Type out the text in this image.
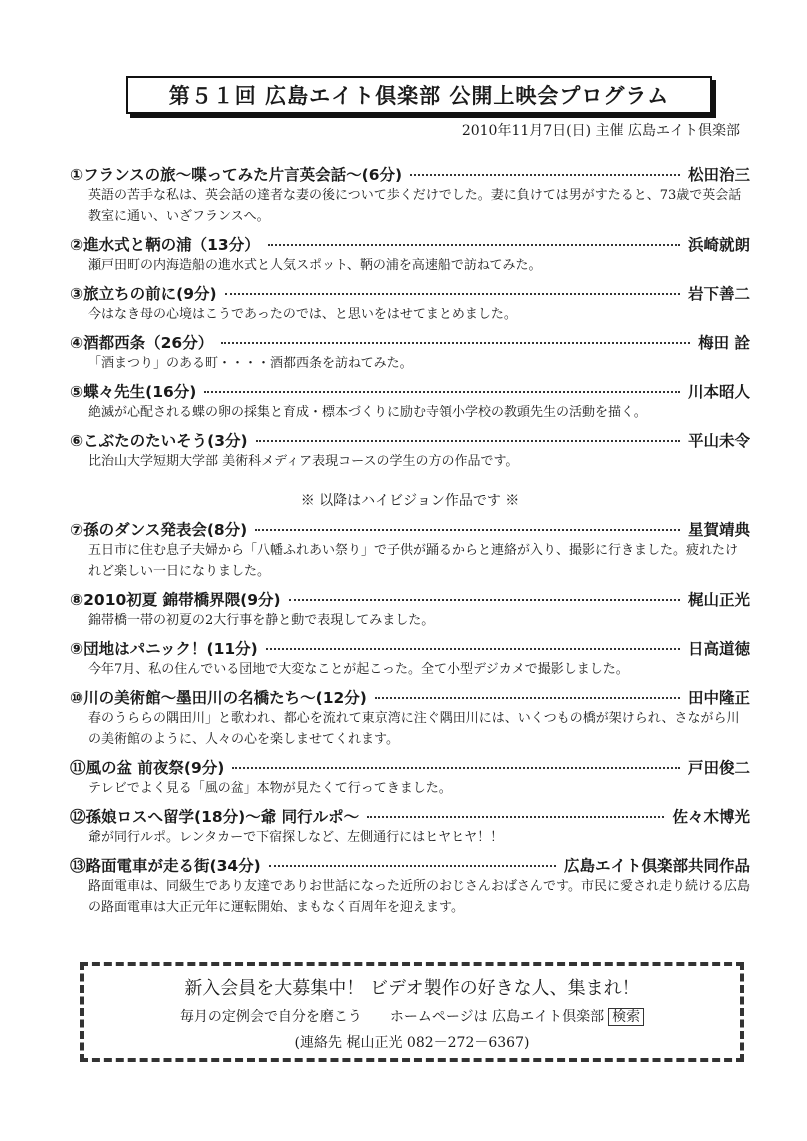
第５１回 広島エイト倶楽部 公開上映会プログラム
2010年11月7日(日) 主催 広島エイト倶楽部
①フランスの旅～喋ってみた片言英会話～(6分)	松田治三
英語の苦手な私は、英会話の達者な妻の後について歩くだけでした。妻に負けては男がすたると、73歳で英会話教室に通い、いざフランスへ。
②進水式と鞆の浦（13分）	浜崎就朗
瀬戸田町の内海造船の進水式と人気スポット、鞆の浦を高速船で訪ねてみた。
③旅立ちの前に(9分)	岩下善二
今はなき母の心境はこうであったのでは、と思いをはせてまとめました。
④酒都西条（26分）	梅田 詮
「酒まつり」のある町・・・・酒都西条を訪ねてみた。
⑤蝶々先生(16分)	川本昭人
絶滅が心配される蝶の卵の採集と育成・標本づくりに励む寺領小学校の教頭先生の活動を描く。
⑥こぶたのたいそう(3分)	平山未令
比治山大学短期大学部 美術科メディア表現コースの学生の方の作品です。
※ 以降はハイビジョン作品です ※
⑦孫のダンス発表会(8分)	星賀靖典
五日市に住む息子夫婦から「八幡ふれあい祭り」で子供が踊るからと連絡が入り、撮影に行きました。疲れたけれど楽しい一日になりました。
⑧2010初夏 錦帯橋界隈(9分)	梶山正光
錦帯橋一帯の初夏の2大行事を静と動で表現してみました。
⑨団地はパニック！(11分)	日高道徳
今年7月、私の住んでいる団地で大変なことが起こった。全て小型デジカメで撮影しました。
⑩川の美術館～墨田川の名橋たち～(12分)	田中隆正
春のうららの隅田川」と歌われ、都心を流れて東京湾に注ぐ隅田川には、いくつもの橋が架けられ、さながら川の美術館のように、人々の心を楽しませてくれます。
⑪風の盆 前夜祭(9分)	戸田俊二
テレビでよく見る「風の盆」本物が見たくて行ってきました。
⑫孫娘ロスへ留学(18分)～爺 同行ルポ～	佐々木博光
爺が同行ルポ。レンタカーで下宿探しなど、左側通行にはヒヤヒヤ！！
⑬路面電車が走る街(34分)	広島エイト倶楽部共同作品
路面電車は、同級生であり友達でありお世話になった近所のおじさんおばさんです。市民に愛され走り続ける広島の路面電車は大正元年に運転開始、まもなく百周年を迎えます。
新入会員を大募集中！ ビデオ製作の好きな人、集まれ！
毎月の定例会で自分を磨こう　　ホームページは 広島エイト倶楽部 検索
(連絡先 梶山正光 082－272－6367)
